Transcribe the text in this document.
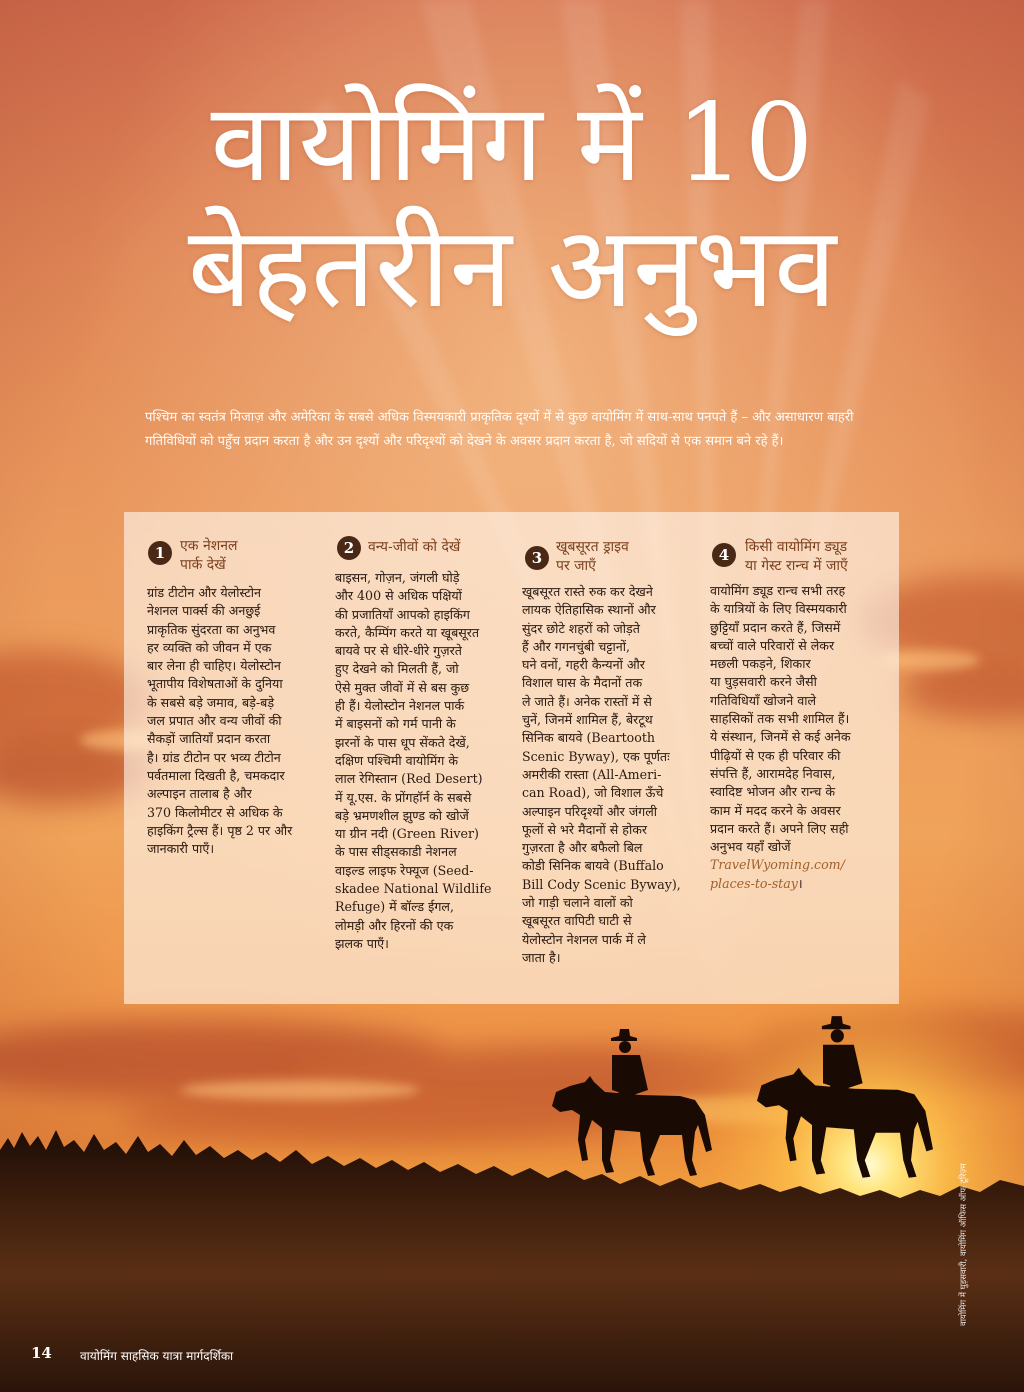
वायोमिंग में 10
बेहतरीन अनुभव

पश्चिम का स्वतंत्र मिजाज़ और अमेरिका के सबसे अधिक विस्मयकारी प्राकृतिक दृश्यों में से कुछ वायोमिंग में साथ-साथ पनपते हैं – और असाधारण बाहरी गतिविधियों को पहुँच प्रदान करता है और उन दृश्यों और परिदृश्यों को देखने के अवसर प्रदान करता है, जो सदियों से एक समान बने रहे हैं।

1	एक नेशनल
पार्क देखें
ग्रांड टीटोन और येलोस्टोन
नेशनल पार्क्स की अनछुई
प्राकृतिक सुंदरता का अनुभव
हर व्यक्ति को जीवन में एक
बार लेना ही चाहिए। येलोस्टोन
भूतापीय विशेषताओं के दुनिया
के सबसे बड़े जमाव, बड़े-बड़े
जल प्रपात और वन्य जीवों की
सैकड़ों जातियाँ प्रदान करता
है। ग्रांड टीटोन पर भव्य टीटोन
पर्वतमाला दिखती है, चमकदार
अल्पाइन तालाब है और
370 किलोमीटर से अधिक के
हाइकिंग ट्रैल्स हैं। पृष्ठ 2 पर और
जानकारी पाएँ।
2 वन्य-जीवों को देखें
बाइसन, गोज़न, जंगली घोड़े
और 400 से अधिक पक्षियों
की प्रजातियाँ आपको हाइकिंग
करते, कैम्पिंग करते या खूबसूरत
बायवे पर से धीरे-धीरे गुज़रते
हुए देखने को मिलती हैं, जो
ऐसे मुक्त जीवों में से बस कुछ
ही हैं। येलोस्टोन नेशनल पार्क
में बाइसनों को गर्म पानी के
झरनों के पास धूप सेंकते देखें,
दक्षिण पश्चिमी वायोमिंग के
लाल रेगिस्तान (Red Desert)
में यू.एस. के प्रोंगहॉर्न के सबसे
बड़े भ्रमणशील झुण्ड को खोजें
या ग्रीन नदी (Green River)
के पास सीड्सकाडी नेशनल
वाइल्ड लाइफ रेफ्यूज (Seed-
skadee National Wildlife
Refuge) में बॉल्ड ईगल,
लोमड़ी और हिरनों की एक
झलक पाएँ।
3
खूबसूरत ड्राइव
पर जाएँ
खूबसूरत रास्ते रुक कर देखने
लायक ऐतिहासिक स्थानों और
सुंदर छोटे शहरों को जोड़ते
हैं और गगनचुंबी चट्टानों,
घने वनों, गहरी कैन्यनों और
विशाल घास के मैदानों तक
ले जाते हैं। अनेक रास्तों में से
चुनें, जिनमें शामिल हैं, बेरटूथ
सिनिक बायवे (Beartooth
Scenic Byway), एक पूर्णतः
अमरीकी रास्ता (All-Ameri-
can Road), जो विशाल ऊँचे
अल्पाइन परिदृश्यों और जंगली
फूलों से भरे मैदानों से होकर
गुज़रता है और बफैलो बिल
कोडी सिनिक बायवे (Buffalo
Bill Cody Scenic Byway),
जो गाड़ी चलाने वालों को
खूबसूरत वापिटी घाटी से
येलोस्टोन नेशनल पार्क में ले
जाता है।
4	किसी वायोमिंग ड्यूड
या गेस्ट रान्च में जाएँ
वायोमिंग ड्यूड रान्च सभी तरह
के यात्रियों के लिए विस्मयकारी
छुट्टियाँ प्रदान करते हैं, जिसमें
बच्चों वाले परिवारों से लेकर
मछली पकड़ने, शिकार
या घुड़सवारी करने जैसी
गतिविधियाँ खोजने वाले
साहसिकों तक सभी शामिल हैं।
ये संस्थान, जिनमें से कई अनेक
पीढ़ियों से एक ही परिवार की
संपत्ति हैं, आरामदेह निवास,
स्वादिष्ट भोजन और रान्च के
काम में मदद करने के अवसर
प्रदान करते हैं। अपने लिए सही
अनुभव यहाँ खोजें
TravelWyoming.com/
places-to-stay।
वायोमिंग में घुड़सवारी, वायोमिंग ऑफिस ऑफ टूरिज़्म
14 वायोमिंग साहसिक यात्रा मार्गदर्शिका
